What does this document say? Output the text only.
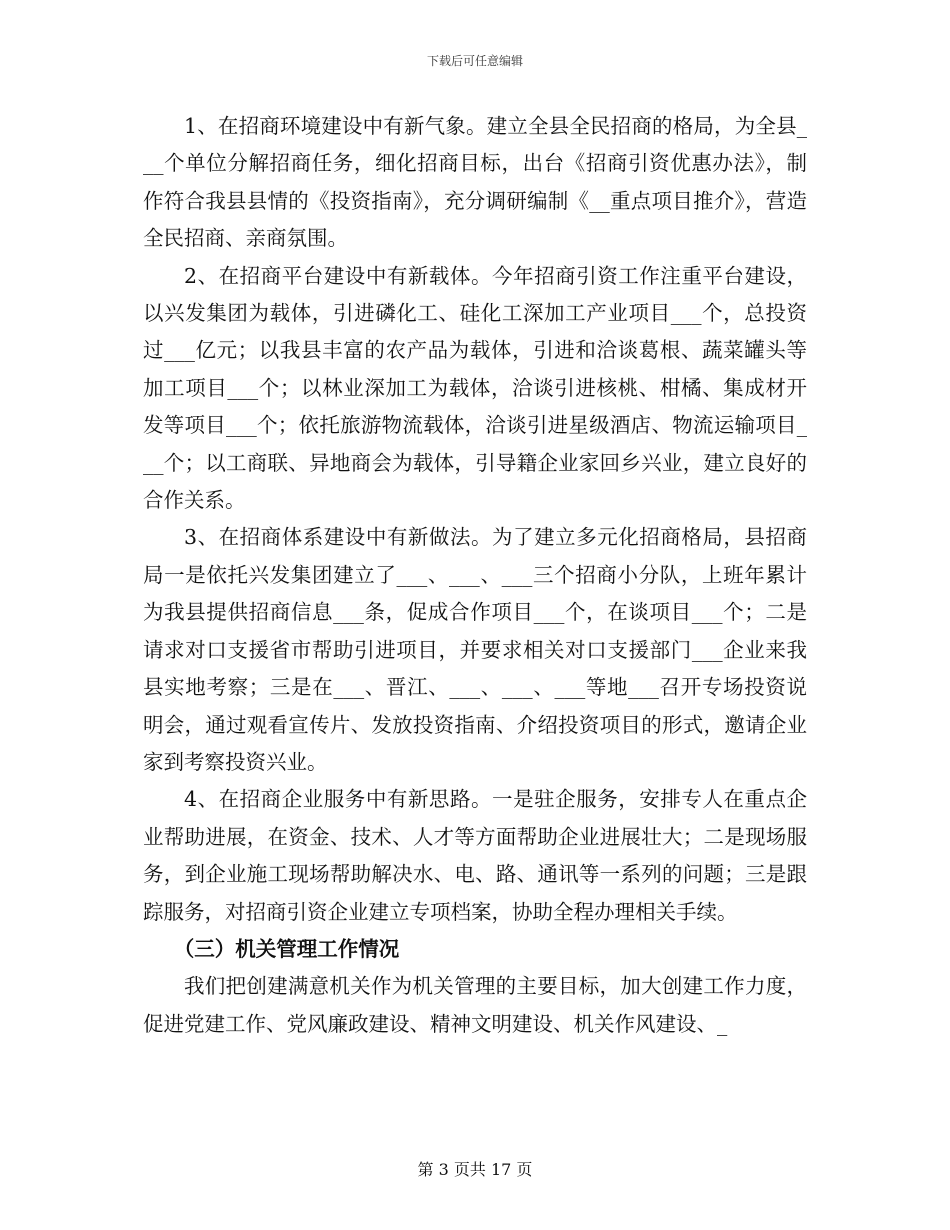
下载后可任意编辑

1、在招商环境建设中有新气象。建立全县全民招商的格局，为全县___个单位分解招商任务，细化招商目标，出台《招商引资优惠办法》，制作符合我县县情的《投资指南》，充分调研编制《__重点项目推介》，营造全民招商、亲商氛围。

2、在招商平台建设中有新载体。今年招商引资工作注重平台建设，以兴发集团为载体，引进磷化工、硅化工深加工产业项目___个，总投资过___亿元；以我县丰富的农产品为载体，引进和洽谈葛根、蔬菜罐头等加工项目___个；以林业深加工为载体，洽谈引进核桃、柑橘、集成材开发等项目___个；依托旅游物流载体，洽谈引进星级酒店、物流运输项目___个；以工商联、异地商会为载体，引导籍企业家回乡兴业，建立良好的合作关系。

3、在招商体系建设中有新做法。为了建立多元化招商格局，县招商局一是依托兴发集团建立了___、___、___三个招商小分队，上班年累计为我县提供招商信息___条，促成合作项目___个，在谈项目___个；二是请求对口支援省市帮助引进项目，并要求相关对口支援部门___企业来我县实地考察；三是在___、晋江、___、___、___等地___召开专场投资说明会，通过观看宣传片、发放投资指南、介绍投资项目的形式，邀请企业家到考察投资兴业。

4、在招商企业服务中有新思路。一是驻企服务，安排专人在重点企业帮助进展，在资金、技术、人才等方面帮助企业进展壮大；二是现场服务，到企业施工现场帮助解决水、电、路、通讯等一系列的问题；三是跟踪服务，对招商引资企业建立专项档案，协助全程办理相关手续。

（三）机关管理工作情况

我们把创建满意机关作为机关管理的主要目标，加大创建工作力度，促进党建工作、党风廉政建设、精神文明建设、机关作风建设、_

第 3 页共 17 页
